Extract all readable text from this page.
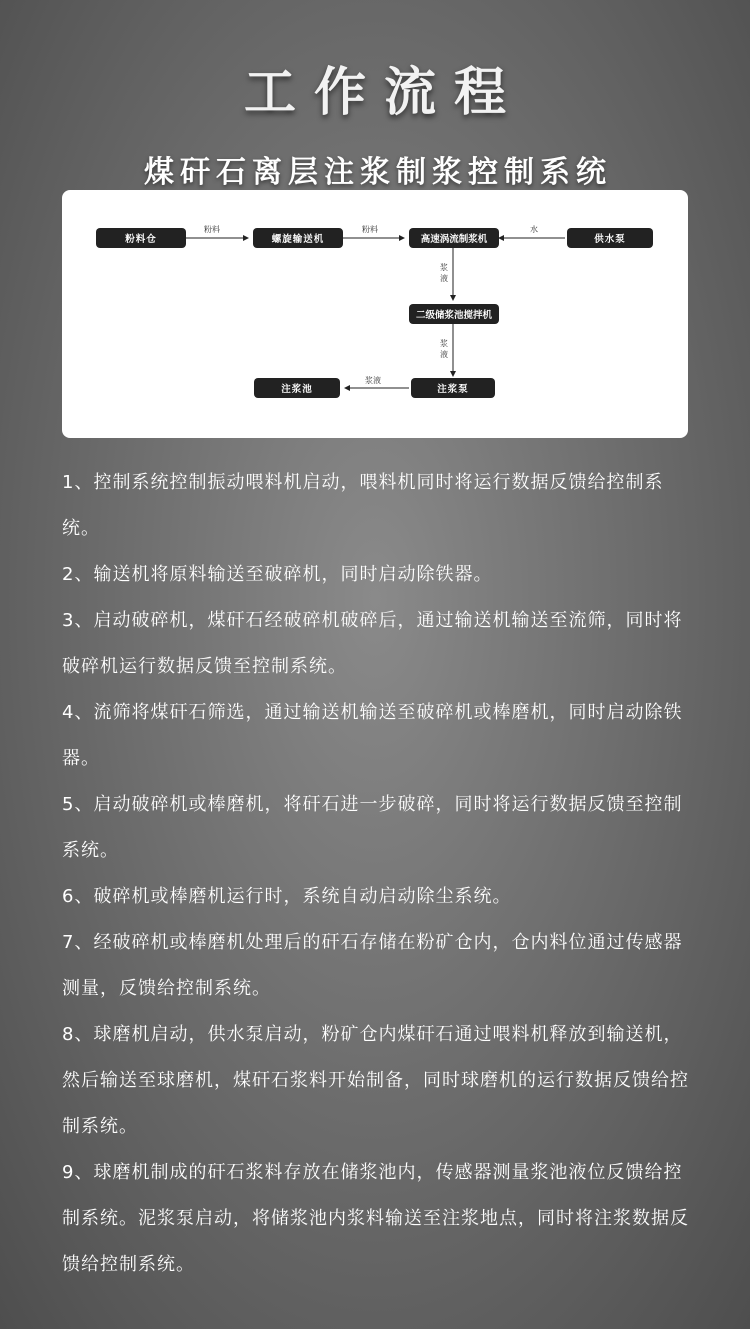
工作流程
煤矸石离层注浆制浆控制系统
粉料仓	螺旋输送机	高速涡流制浆机	供水泵
二级储浆池搅拌机
注浆泵
注浆池
粉料	粉料	水
浆液
浆液
浆液
1、控制系统控制振动喂料机启动，喂料机同时将运行数据反馈给控制系统。
2、输送机将原料输送至破碎机，同时启动除铁器。
3、启动破碎机，煤矸石经破碎机破碎后，通过输送机输送至流筛，同时将破碎机运行数据反馈至控制系统。
4、流筛将煤矸石筛选，通过输送机输送至破碎机或棒磨机，同时启动除铁器。
5、启动破碎机或棒磨机，将矸石进一步破碎，同时将运行数据反馈至控制系统。
6、破碎机或棒磨机运行时，系统自动启动除尘系统。
7、经破碎机或棒磨机处理后的矸石存储在粉矿仓内，仓内料位通过传感器测量，反馈给控制系统。
8、球磨机启动，供水泵启动，粉矿仓内煤矸石通过喂料机释放到输送机，然后输送至球磨机，煤矸石浆料开始制备，同时球磨机的运行数据反馈给控制系统。
9、球磨机制成的矸石浆料存放在储浆池内，传感器测量浆池液位反馈给控制系统。泥浆泵启动，将储浆池内浆料输送至注浆地点，同时将注浆数据反馈给控制系统。
